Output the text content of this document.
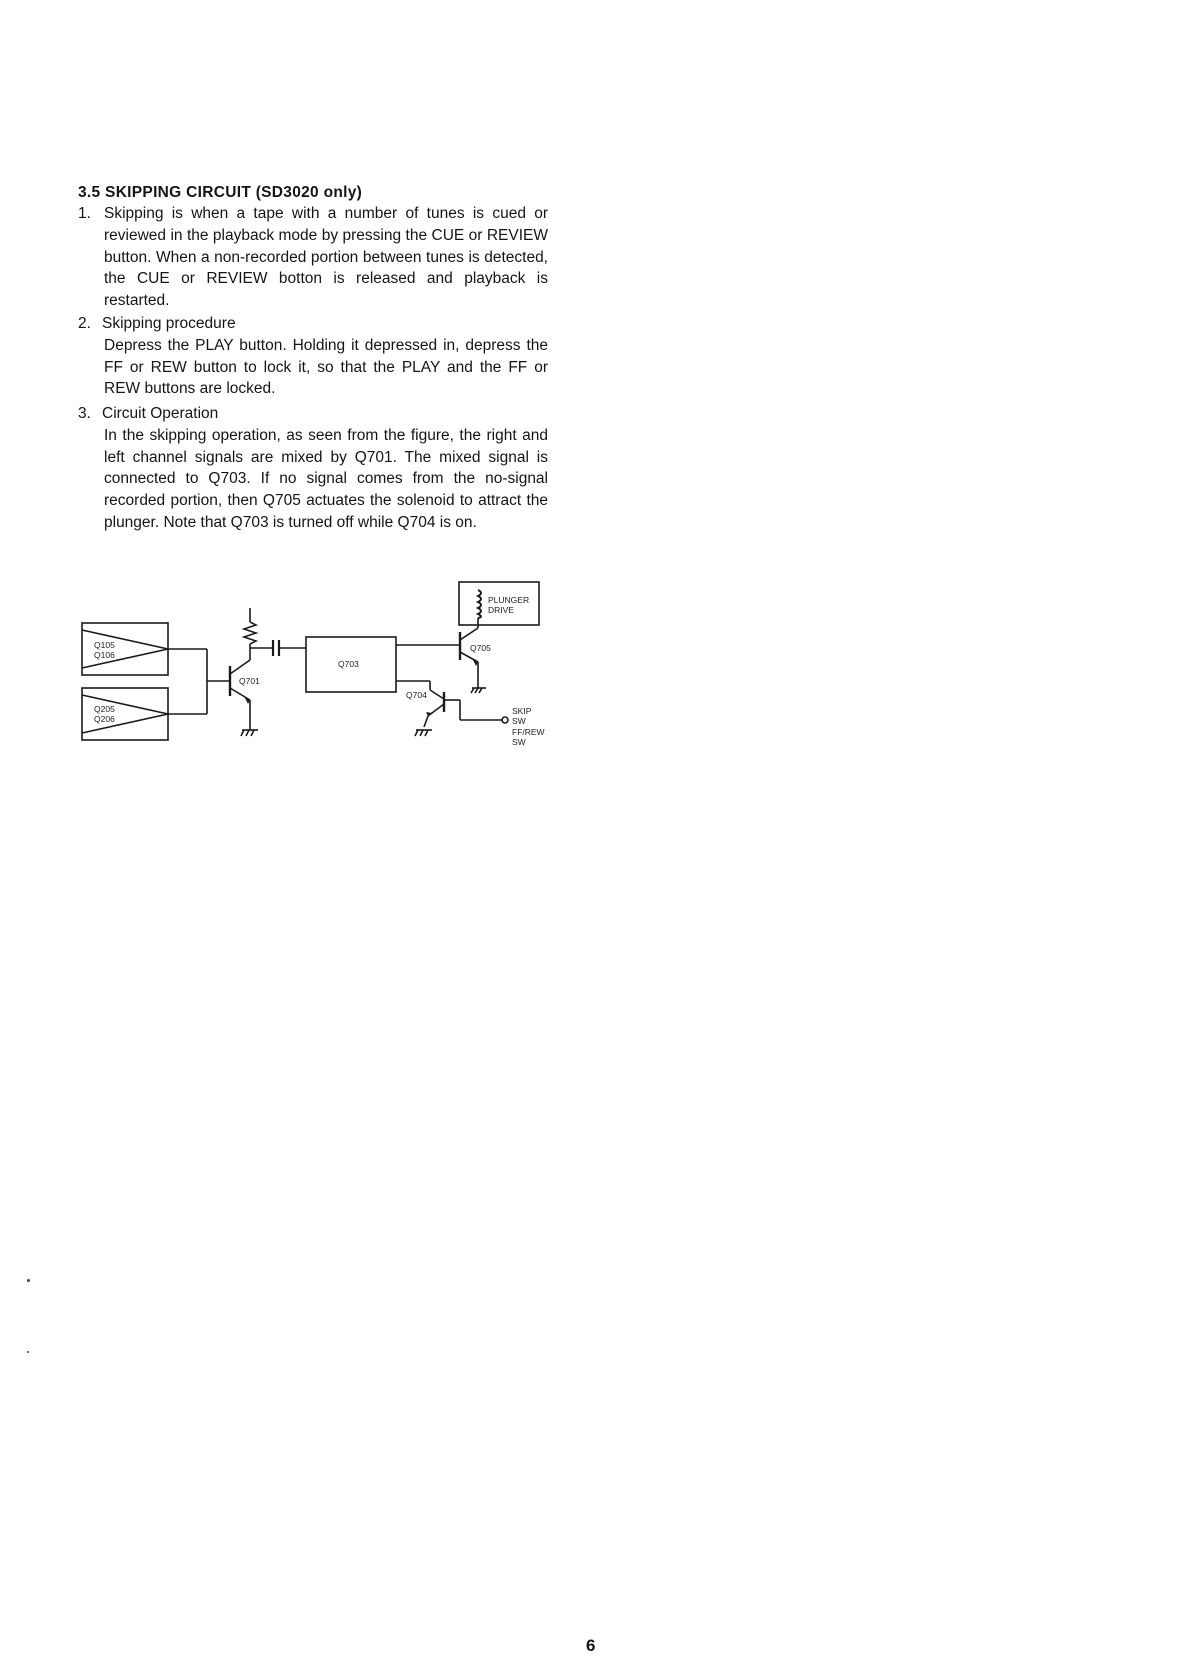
3.5 SKIPPING CIRCUIT (SD3020 only)
1. Skipping is when a tape with a number of tunes is cued or reviewed in the playback mode by pressing the CUE or REVIEW button. When a non-recorded portion between tunes is detected, the CUE or REVIEW botton is released and playback is restarted.
2. Skipping procedure
Depress the PLAY button. Holding it depressed in, depress the FF or REW button to lock it, so that the PLAY and the FF or REW buttons are locked.
3. Circuit Operation
In the skipping operation, as seen from the figure, the right and left channel signals are mixed by Q701. The mixed signal is connected to Q703. If no signal comes from the no-signal recorded portion, then Q705 actuates the solenoid to attract the plunger. Note that Q703 is turned off while Q704 is on.
Q105
Q106
Q205
Q206
Q701
Q703
Q704
Q705
PLUNGER
DRIVE
SKIP
SW
FF/REW
SW
6
